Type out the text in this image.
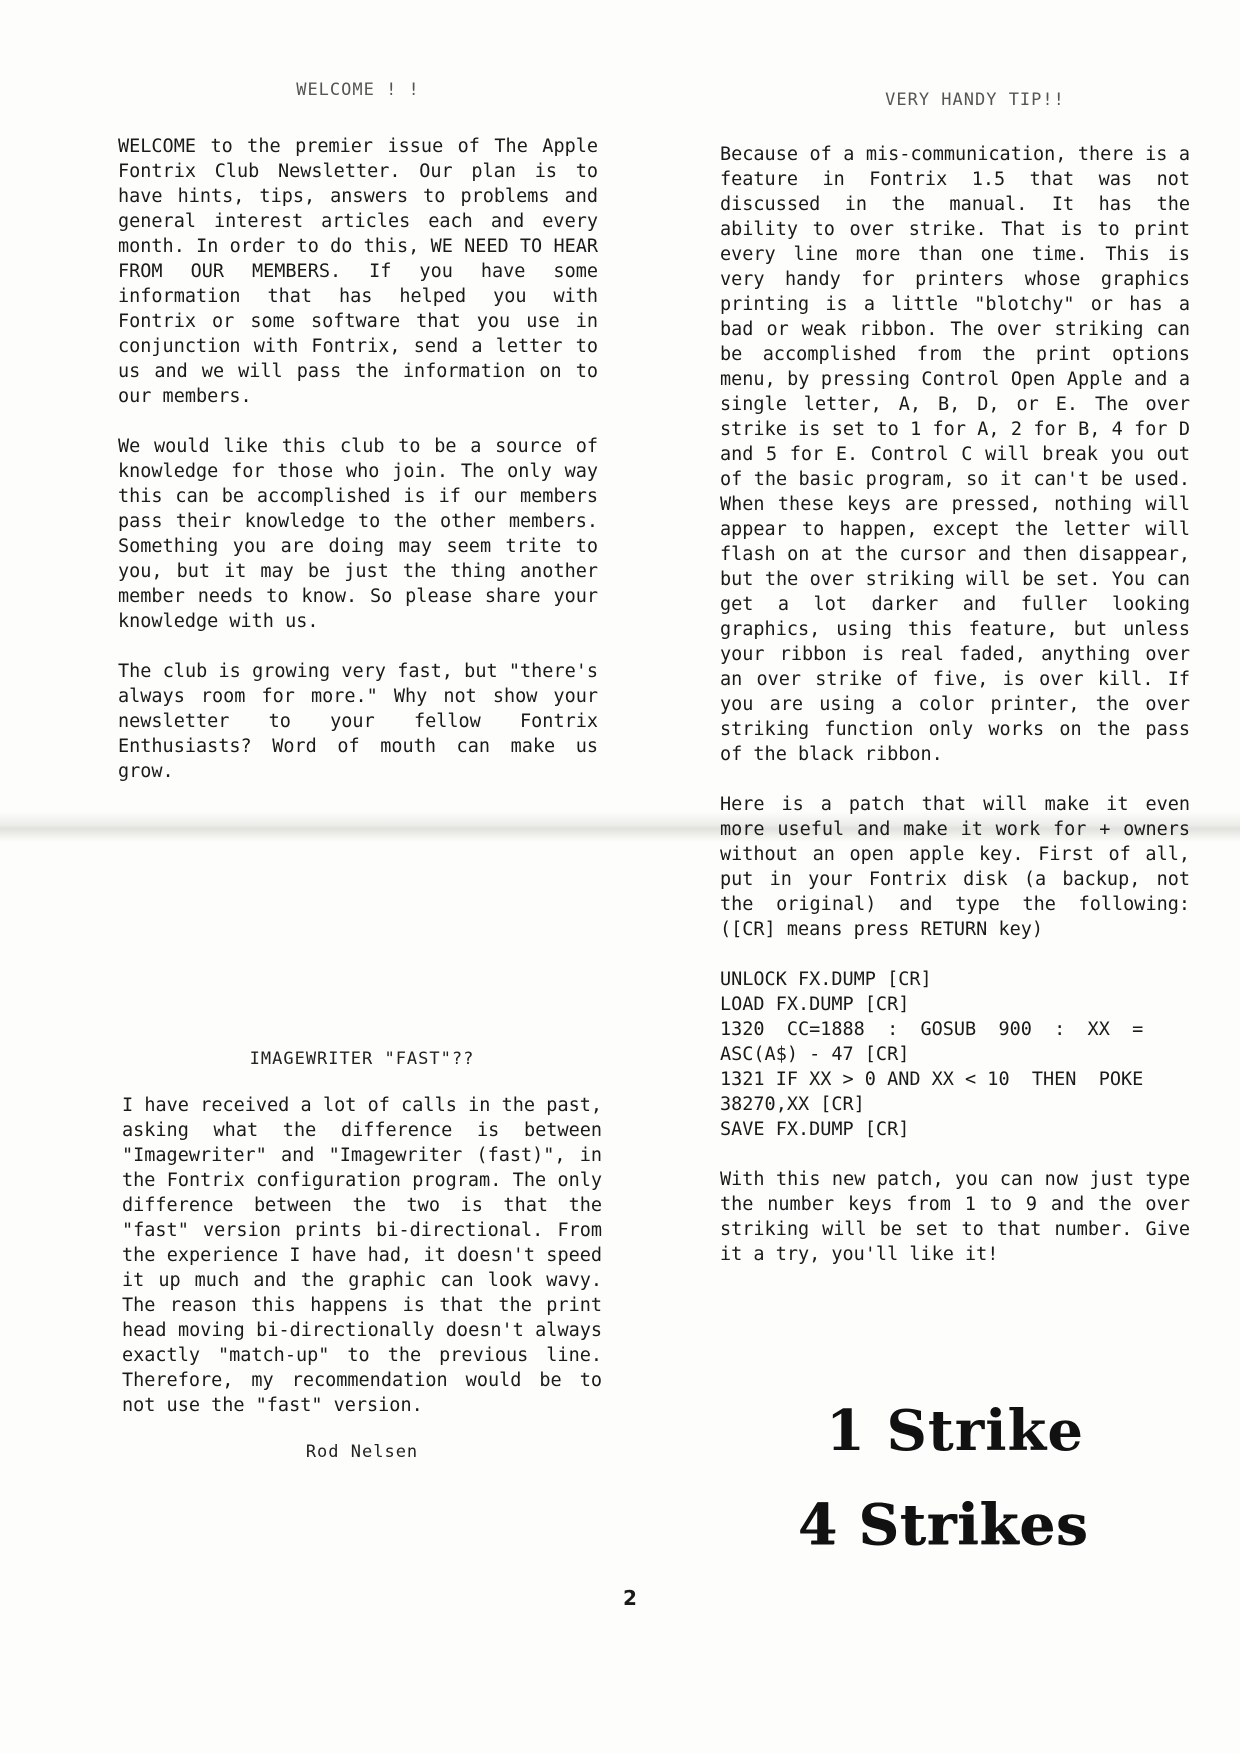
WELCOME ! !

WELCOME to the premier issue of The Apple Fontrix Club Newsletter. Our plan is to have hints, tips, answers to problems and general interest articles each and every month. In order to do this, WE NEED TO HEAR FROM OUR MEMBERS. If you have some information that has helped you with Fontrix or some software that you use in conjunction with Fontrix, send a letter to us and we will pass the information on to our members.

We would like this club to be a source of knowledge for those who join. The only way this can be accomplished is if our members pass their knowledge to the other members. Something you are doing may seem trite to you, but it may be just the thing another member needs to know. So please share your knowledge with us.

The club is growing very fast, but "there's always room for more." Why not show your newsletter to your fellow Fontrix Enthusiasts? Word of mouth can make us grow.

IMAGEWRITER "FAST"??

I have received a lot of calls in the past, asking what the difference is between "Imagewriter" and "Imagewriter (fast)", in the Fontrix configuration program. The only difference between the two is that the "fast" version prints bi-directional. From the experience I have had, it doesn't speed it up much and the graphic can look wavy. The reason this happens is that the print head moving bi-directionally doesn't always exactly "match-up" to the previous line. Therefore, my recommendation would be to not use the "fast" version.

Rod Nelsen

VERY HANDY TIP!!

Because of a mis-communication, there is a feature in Fontrix 1.5 that was not discussed in the manual. It has the ability to over strike. That is to print every line more than one time. This is very handy for printers whose graphics printing is a little "blotchy" or has a bad or weak ribbon. The over striking can be accomplished from the print options menu, by pressing Control Open Apple and a single letter, A, B, D, or E. The over strike is set to 1 for A, 2 for B, 4 for D and 5 for E. Control C will break you out of the basic program, so it can't be used. When these keys are pressed, nothing will appear to happen, except the letter will flash on at the cursor and then disappear, but the over striking will be set. You can get a lot darker and fuller looking graphics, using this feature, but unless your ribbon is real faded, anything over an over strike of five, is over kill. If you are using a color printer, the over striking function only works on the pass of the black ribbon.

Here is a patch that will make it even more useful and make it work for + owners without an open apple key. First of all, put in your Fontrix disk (a backup, not the original) and type the following: ([CR] means press RETURN key)

UNLOCK FX.DUMP [CR]

LOAD FX.DUMP [CR]

1320  CC=1888  :  GOSUB  900  :  XX  =

ASC(A$) - 47 [CR]

1321 IF XX > 0 AND XX < 10  THEN  POKE

38270,XX [CR]

SAVE FX.DUMP [CR]

With this new patch, you can now just type the number keys from 1 to 9 and the over striking will be set to that number. Give it a try, you'll like it!

1 Strike

4 Strikes

2
